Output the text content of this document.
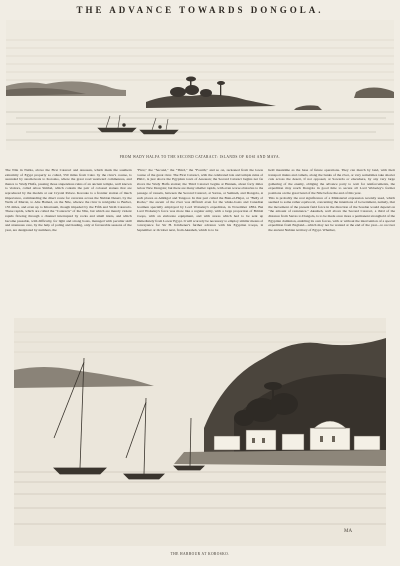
THE ADVANCE TOWARDS DONGOLA.
FROM WADY HALFA TO THE SECOND CATARACT: ISLANDS OF KOSI AND MAYA.
The Nile in Nubia, above the First Cataract and Assouan, which mark the southern extremity of Egypt properly so called, 550 miles from Cairo by the river's course, is ascended by steam-boats to Korosko, where the great road westward commences, and thence to Wady Halfa, passing those stupendous ruins of an ancient temple, well known to visitors, called Abou Simbel, which contain the pair of colossal statues that are reproduced by the models at our Crystal Palace. Korosko is a frontier station of much importance, commanding the direct route for caravans across the Nubian Desert, by the Wells of Murrat, to Abu Hamed, on the Nile, whence the river is navigable to Berber, 155 miles, and even up to Khartoum, though impeded by the Fifth and Sixth Cataracts. These rapids, which are called the "Cataracts" of the Nile, but which are merely violent rapids flowing through a channel interrupted by rocks and small islets, and which become passable, with difficulty, for light and strong boats, managed with peculiar skill and strenuous care, by the help of poling and hauling, only at favourable seasons of the year, are designated by numbers, the
"First," the "Second," the "Third," the "Fourth," and so on, reckoned from the lower course of the great river. The First Cataract, with the celebrated isle and temple ruins of Philæ, is just above the Egyptian town of Assouan; the Second Cataract begins not far above the Wady Halfa station; the Third Cataract begins at Hannek, about forty miles below New Dongola; but there are many smaller rapids, with even worse obstacles to the passage of vessels, between the Second Cataract, at Sarras, or Semneh, and Dongola, at such places as Ambigol and Tangoor. In that part called the Batn-el-Hajar, or "Belly of Rocks," the ascent of the river was difficult even for the whale-boats and Canadian boatmen specially employed by Lord Wolseley's expedition, in November 1884. But Lord Wolseley's force was more like a regular army, with a large proportion of British troops, with an elaborate equipment, and with stores which had to be sent up immediately from Lower Egypt. It will scarcely be necessary to employ similar means of conveyance for Sir H. Kitchener's further advance with his Egyptian troops, in September or October next, from Akasheh, which is to be
held meantime as the base of future operations. They can march by land, with their transport mules and camels, along the banks of the river, or vary sometimes take shorter cuts across the desert, if not opposed, at Sowarda or elsewhere, by any very large gathering of the enemy, obliging the advance party to wait for reinforcements, the expedition may reach Dongola in good time to secure all Lord Wolseley's former positions on the great bend of the Nile before the end of this year.
This is probably the real significance of a Ministerial expression recently used, which seemed to some rather equivocal, concerning the intentions of Government, namely, that the movement of the present field force in the direction of the Soudan would depend on "the amount of resistance." Akasheh, well above the Second Cataract, a third of the distance from Sarras to Dongola, is to be made once more a permanent stronghold of the Egyptian dominion, enabling its own forces, with or without the intervention of a special expedition from England—which may not be wanted at the end of the year—to recover the ancient Nubian territory of Egypt. Whether,
MA
THE HARBOUR AT KOROSKO.
